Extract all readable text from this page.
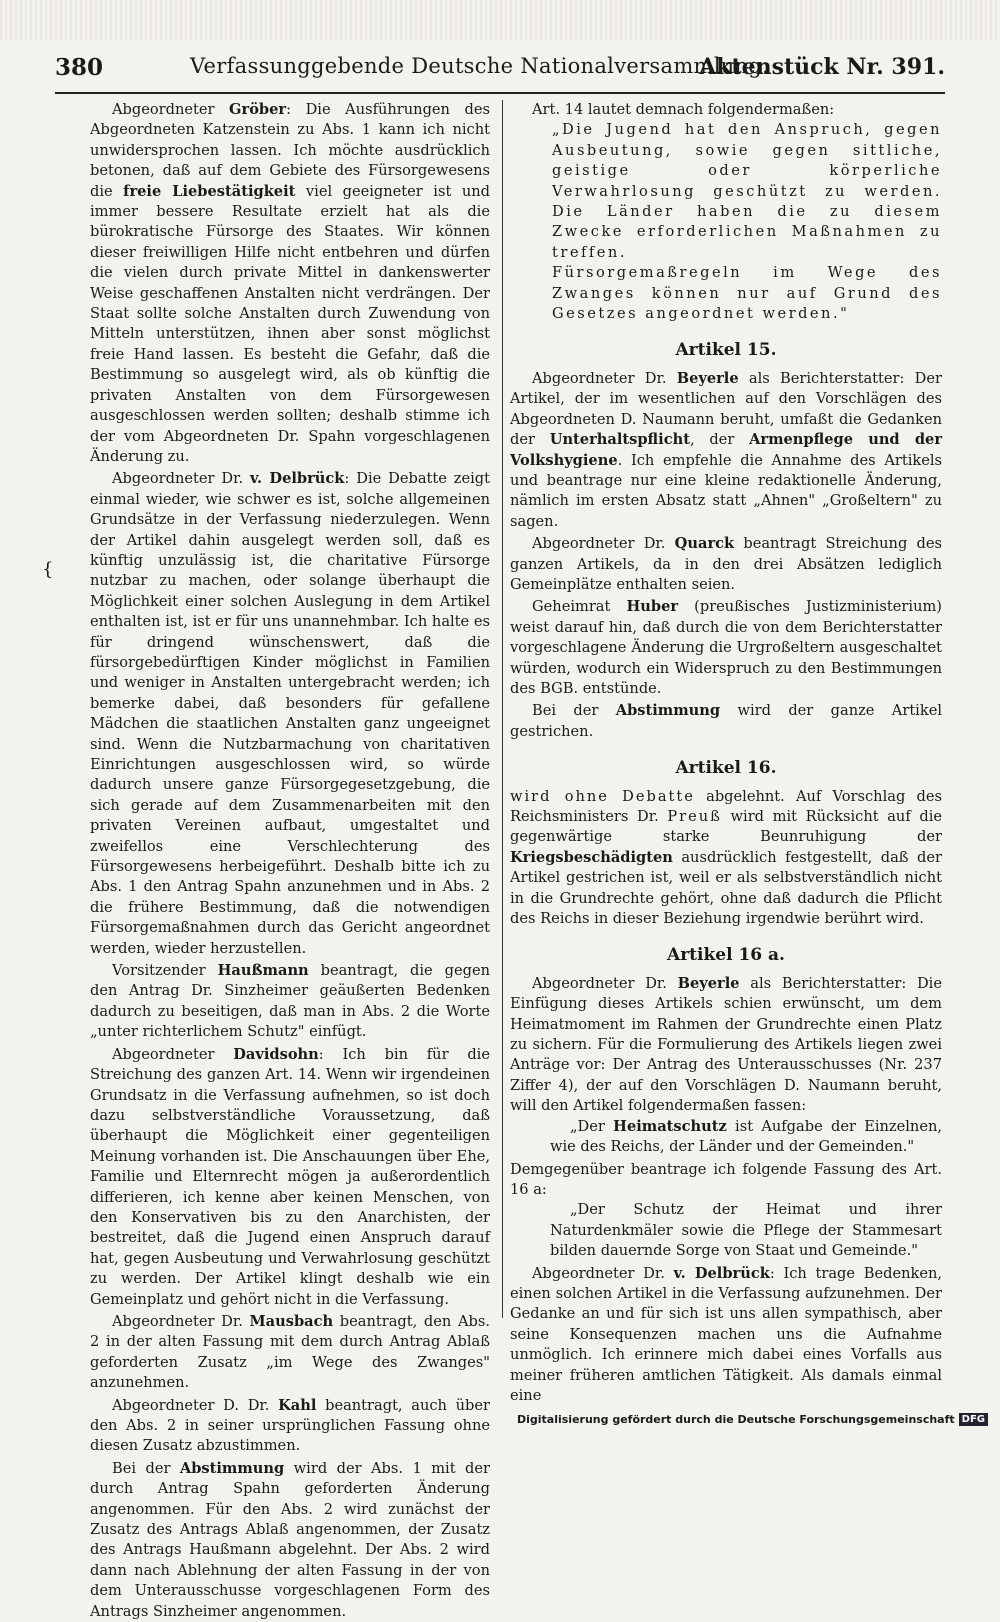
380	Verfassunggebende Deutsche Nationalversammlung.
Aktenstück Nr. 391.
{

Abgeordneter Gröber: Die Ausführungen des Abgeordneten Katzenstein zu Abs. 1 kann ich nicht unwidersprochen lassen. Ich möchte ausdrücklich betonen, daß auf dem Gebiete des Fürsorgewesens die freie Liebestätigkeit viel geeigneter ist und immer bessere Resultate erzielt hat als die bürokratische Fürsorge des Staates. Wir können dieser freiwilligen Hilfe nicht entbehren und dürfen die vielen durch private Mittel in dankenswerter Weise geschaffenen Anstalten nicht verdrängen. Der Staat sollte solche Anstalten durch Zuwendung von Mitteln unterstützen, ihnen aber sonst möglichst freie Hand lassen. Es besteht die Gefahr, daß die Bestimmung so ausgelegt wird, als ob künftig die privaten Anstalten von dem Fürsorgewesen ausgeschlossen werden sollten; deshalb stimme ich der vom Abgeordneten Dr. Spahn vorgeschlagenen Änderung zu.

Abgeordneter Dr. v. Delbrück: Die Debatte zeigt einmal wieder, wie schwer es ist, solche allgemeinen Grundsätze in der Verfassung niederzulegen. Wenn der Artikel dahin ausgelegt werden soll, daß es künftig unzulässig ist, die charitative Fürsorge nutzbar zu machen, oder solange überhaupt die Möglichkeit einer solchen Auslegung in dem Artikel enthalten ist, ist er für uns unannehmbar. Ich halte es für dringend wünschenswert, daß die fürsorgebedürftigen Kinder möglichst in Familien und weniger in Anstalten untergebracht werden; ich bemerke dabei, daß besonders für gefallene Mädchen die staatlichen Anstalten ganz ungeeignet sind. Wenn die Nutzbarmachung von charitativen Einrichtungen ausgeschlossen wird, so würde dadurch unsere ganze Fürsorgegesetzgebung, die sich gerade auf dem Zusammenarbeiten mit den privaten Vereinen aufbaut, umgestaltet und zweifellos eine Verschlechterung des Fürsorgewesens herbeigeführt. Deshalb bitte ich zu Abs. 1 den Antrag Spahn anzunehmen und in Abs. 2 die frühere Bestimmung, daß die notwendigen Fürsorgemaßnahmen durch das Gericht angeordnet werden, wieder herzustellen.

Vorsitzender Haußmann beantragt, die gegen den Antrag Dr. Sinzheimer geäußerten Bedenken dadurch zu beseitigen, daß man in Abs. 2 die Worte „unter richterlichem Schutz" einfügt.

Abgeordneter Davidsohn: Ich bin für die Streichung des ganzen Art. 14. Wenn wir irgendeinen Grundsatz in die Verfassung aufnehmen, so ist doch dazu selbstverständliche Voraussetzung, daß überhaupt die Möglichkeit einer gegenteiligen Meinung vorhanden ist. Die Anschauungen über Ehe, Familie und Elternrecht mögen ja außerordentlich differieren, ich kenne aber keinen Menschen, von den Konservativen bis zu den Anarchisten, der bestreitet, daß die Jugend einen Anspruch darauf hat, gegen Ausbeutung und Verwahrlosung geschützt zu werden. Der Artikel klingt deshalb wie ein Gemeinplatz und gehört nicht in die Verfassung.

Abgeordneter Dr. Mausbach beantragt, den Abs. 2 in der alten Fassung mit dem durch Antrag Ablaß geforderten Zusatz „im Wege des Zwanges" anzunehmen.

Abgeordneter D. Dr. Kahl beantragt, auch über den Abs. 2 in seiner ursprünglichen Fassung ohne diesen Zusatz abzustimmen.

Bei der Abstimmung wird der Abs. 1 mit der durch Antrag Spahn geforderten Änderung angenommen. Für den Abs. 2 wird zunächst der Zusatz des Antrags Ablaß angenommen, der Zusatz des Antrags Haußmann abgelehnt. Der Abs. 2 wird dann nach Ablehnung der alten Fassung in der von dem Unterausschusse vorgeschlagenen Form des Antrags Sinzheimer angenommen.

Art. 14 lautet demnach folgendermaßen:

„Die Jugend hat den Anspruch, gegen Ausbeutung, sowie gegen sittliche, geistige oder körperliche Verwahrlosung geschützt zu werden. Die Länder haben die zu diesem Zwecke erforderlichen Maßnahmen zu treffen.

Fürsorgemaßregeln im Wege des Zwanges können nur auf Grund des Gesetzes angeordnet werden."

Artikel 15.

Abgeordneter Dr. Beyerle als Berichterstatter: Der Artikel, der im wesentlichen auf den Vorschlägen des Abgeordneten D. Naumann beruht, umfaßt die Gedanken der Unterhaltspflicht, der Armenpflege und der Volkshygiene. Ich empfehle die Annahme des Artikels und beantrage nur eine kleine redaktionelle Änderung, nämlich im ersten Absatz statt „Ahnen" „Großeltern" zu sagen.

Abgeordneter Dr. Quarck beantragt Streichung des ganzen Artikels, da in den drei Absätzen lediglich Gemeinplätze enthalten seien.

Geheimrat Huber (preußisches Justizministerium) weist darauf hin, daß durch die von dem Berichterstatter vorgeschlagene Änderung die Urgroßeltern ausgeschaltet würden, wodurch ein Widerspruch zu den Bestimmungen des BGB. entstünde.

Bei der Abstimmung wird der ganze Artikel gestrichen.

Artikel 16.

wird ohne Debatte abgelehnt. Auf Vorschlag des Reichsministers Dr. Preuß wird mit Rücksicht auf die gegenwärtige starke Beunruhigung der Kriegsbeschädigten ausdrücklich festgestellt, daß der Artikel gestrichen ist, weil er als selbstverständlich nicht in die Grundrechte gehört, ohne daß dadurch die Pflicht des Reichs in dieser Beziehung irgendwie berührt wird.

Artikel 16 a.

Abgeordneter Dr. Beyerle als Berichterstatter: Die Einfügung dieses Artikels schien erwünscht, um dem Heimatmoment im Rahmen der Grundrechte einen Platz zu sichern. Für die Formulierung des Artikels liegen zwei Anträge vor: Der Antrag des Unterausschusses (Nr. 237 Ziffer 4), der auf den Vorschlägen D. Naumann beruht, will den Artikel folgendermaßen fassen:

„Der Heimatschutz ist Aufgabe der Einzelnen, wie des Reichs, der Länder und der Gemeinden."

Demgegenüber beantrage ich folgende Fassung des Art. 16 a:

„Der Schutz der Heimat und ihrer Naturdenkmäler sowie die Pflege der Stammesart bilden dauernde Sorge von Staat und Gemeinde."

Abgeordneter Dr. v. Delbrück: Ich trage Bedenken, einen solchen Artikel in die Verfassung aufzunehmen. Der Gedanke an und für sich ist uns allen sympathisch, aber seine Konsequenzen machen uns die Aufnahme unmöglich. Ich erinnere mich dabei eines Vorfalls aus meiner früheren amtlichen Tätigkeit. Als damals einmal eine

Digitalisierung gefördert durch die Deutsche Forschungsgemeinschaft DFG
